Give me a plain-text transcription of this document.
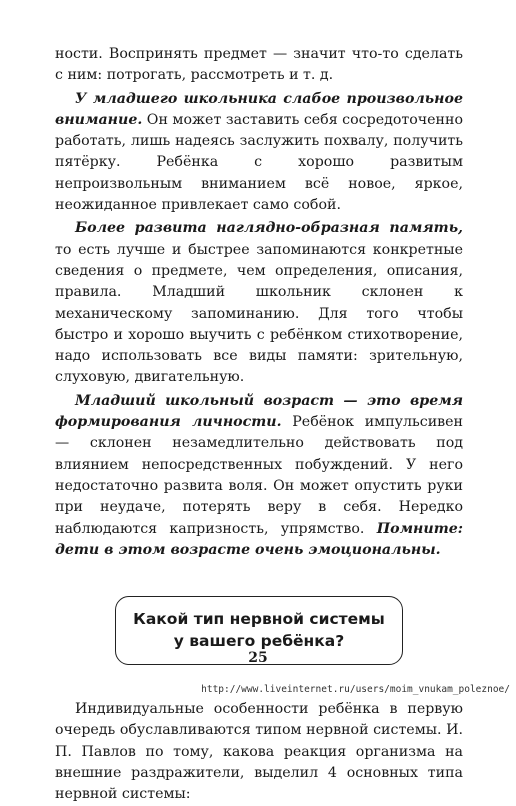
ности. Воспринять предмет — значит что-то сделать с ним: потрогать, рассмотреть и т. д.

У младшего школьника слабое произвольное внимание. Он может заставить себя сосредоточенно работать, лишь надеясь заслужить похвалу, получить пятёрку. Ребёнка с хорошо развитым непроизвольным вниманием всё новое, яркое, неожиданное привлекает само собой.

Более развита наглядно-образная память, то есть лучше и быстрее запоминаются конкретные сведения о предмете, чем определения, описания, правила. Младший школьник склонен к механическому запоминанию. Для того чтобы быстро и хорошо выучить с ребёнком стихотворение, надо использовать все виды памяти: зрительную, слуховую, двигательную.

Младший школьный возраст — это время формирования личности. Ребёнок импульсивен — склонен незамедлительно действовать под влиянием непосредственных побуждений. У него недостаточно развита воля. Он может опустить руки при неудаче, потерять веру в себя. Нередко наблюдаются капризность, упрямство. Помните: дети в этом возрасте очень эмоциональны.

Какой тип нервной системы
у вашего ребёнка?

Индивидуальные особенности ребёнка в первую очередь обуславливаются типом нервной системы. И. П. Павлов по тому, какова реакция организма на внешние раздражители, выделил 4 основных типа нервной системы:

25
http://www.liveinternet.ru/users/moim_vnukam_poleznoe/
